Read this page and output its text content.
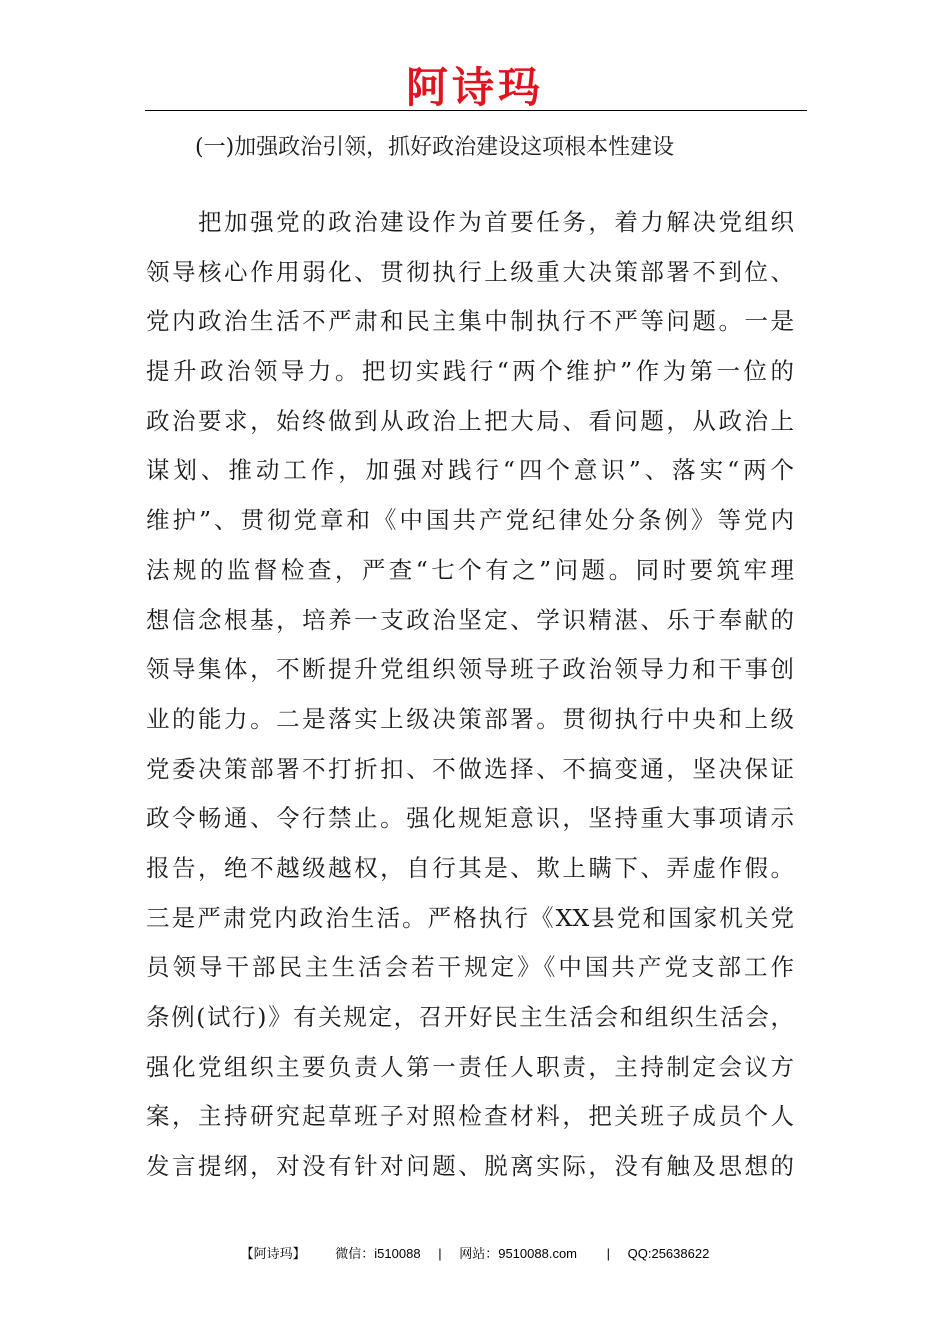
阿诗玛
(一)加强政治引领，抓好政治建设这项根本性建设
　　把加强党的政治建设作为首要任务，着力解决党组织
领导核心作用弱化、贯彻执行上级重大决策部署不到位、
党内政治生活不严肃和民主集中制执行不严等问题。一是
提升政治领导力。把切实践行“两个维护”作为第一位的
政治要求，始终做到从政治上把大局、看问题，从政治上
谋划、推动工作，加强对践行“四个意识”、落实“两个
维护”、贯彻党章和《中国共产党纪律处分条例》等党内
法规的监督检查，严查“七个有之”问题。同时要筑牢理
想信念根基，培养一支政治坚定、学识精湛、乐于奉献的
领导集体，不断提升党组织领导班子政治领导力和干事创
业的能力。二是落实上级决策部署。贯彻执行中央和上级
党委决策部署不打折扣、不做选择、不搞变通，坚决保证
政令畅通、令行禁止。强化规矩意识，坚持重大事项请示
报告，绝不越级越权，自行其是、欺上瞒下、弄虚作假。
三是严肃党内政治生活。严格执行《XX县党和国家机关党
员领导干部民主生活会若干规定》《中国共产党支部工作
条例(试行)》有关规定，召开好民主生活会和组织生活会，
强化党组织主要负责人第一责任人职责，主持制定会议方
案，主持研究起草班子对照检查材料，把关班子成员个人
发言提纲，对没有针对问题、脱离实际，没有触及思想的
【阿诗玛】 微信：i510088 | 网站：9510088.com | QQ:25638622
